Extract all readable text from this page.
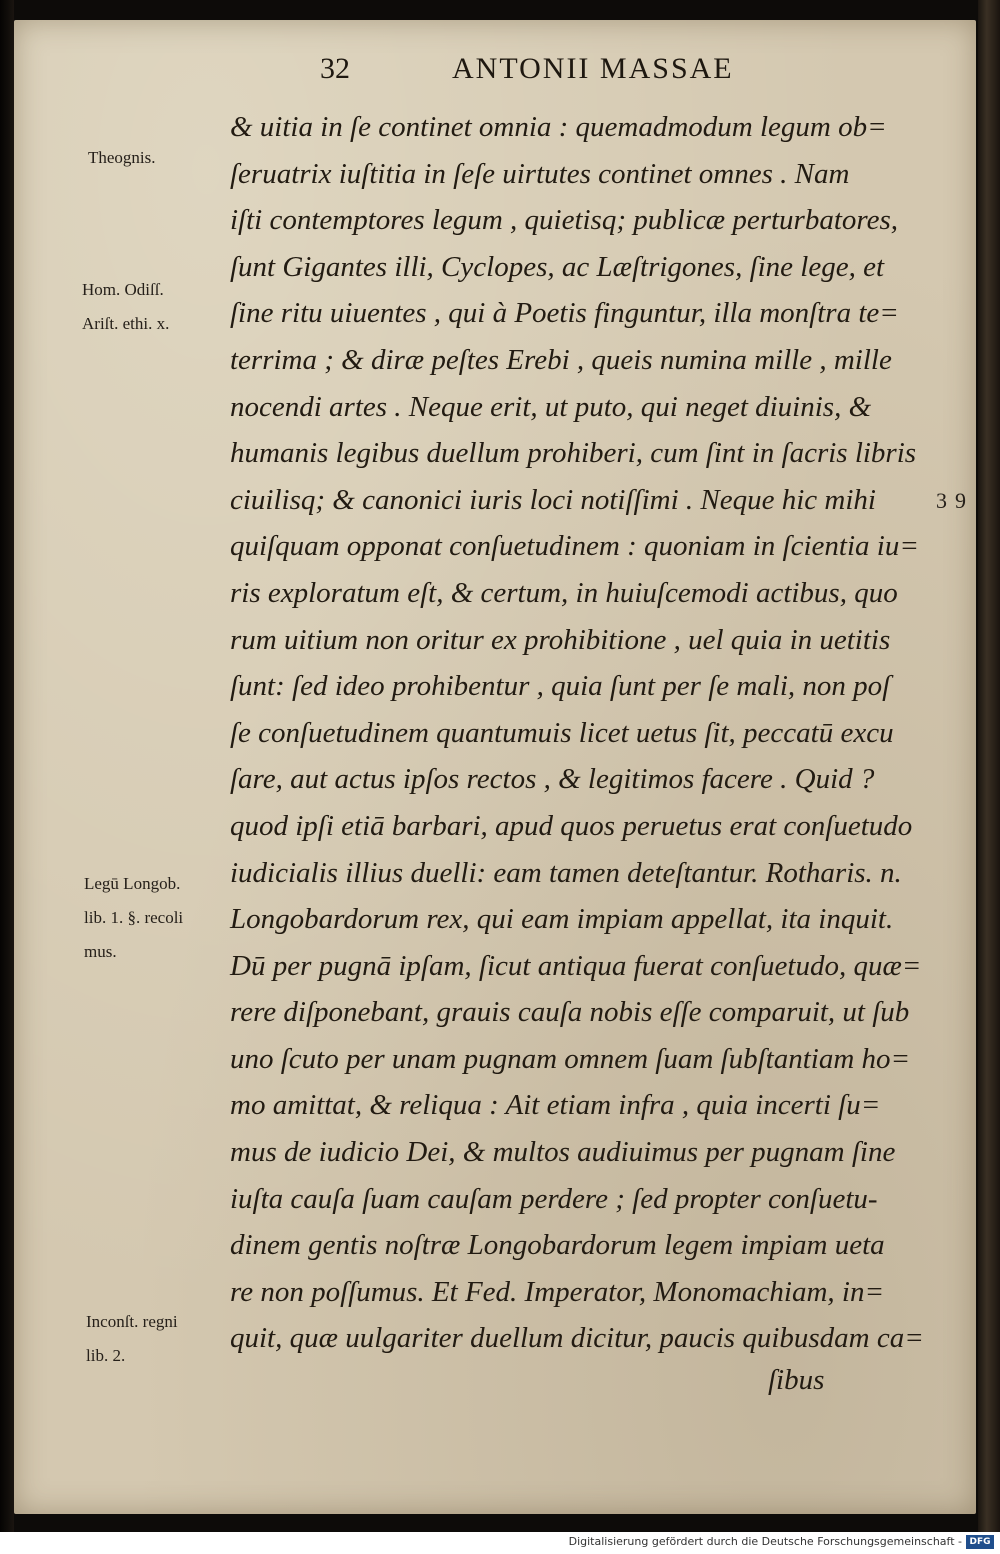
32	ANTONII MASSAE
& uitia in ſe continet omnia : quemadmodum legum ob=
ſeruatrix iuſtitia in ſeſe uirtutes continet omnes . Nam
iſti contemptores legum , quietisq; publicæ perturbatores,
ſunt Gigantes illi, Cyclopes, ac Læſtrigones, ſine lege, et
ſine ritu uiuentes , qui à Poetis finguntur, illa monſtra te=
terrima ; & diræ peſtes Erebi , queis numina mille , mille
nocendi artes . Neque erit, ut puto, qui neget diuinis, &
humanis legibus duellum prohiberi, cum ſint in ſacris libris
ciuilisq; & canonici iuris loci notiſſimi . Neque hic mihi
quiſquam opponat conſuetudinem : quoniam in ſcientia iu=
ris exploratum eſt, & certum, in huiuſcemodi actibus, quo
rum uitium non oritur ex prohibitione , uel quia in uetitis
ſunt: ſed ideo prohibentur , quia ſunt per ſe mali, non poſ
ſe conſuetudinem quantumuis licet uetus ſit, peccatū excu
ſare, aut actus ipſos rectos , & legitimos facere . Quid ?
quod ipſi etiā barbari, apud quos peruetus erat conſuetudo
iudicialis illius duelli: eam tamen deteſtantur. Rotharis. n.
Longobardorum rex, qui eam impiam appellat, ita inquit.
Dū per pugnā ipſam, ſicut antiqua fuerat conſuetudo, quæ=
rere diſponebant, grauis cauſa nobis eſſe comparuit, ut ſub
uno ſcuto per unam pugnam omnem ſuam ſubſtantiam ho=
mo amittat, & reliqua : Ait etiam infra , quia incerti ſu=
mus de iudicio Dei, & multos audiuimus per pugnam ſine
iuſta cauſa ſuam cauſam perdere ; ſed propter conſuetu-
dinem gentis noſtræ Longobardorum legem impiam ueta
re non poſſumus. Et Fed. Imperator, Monomachiam, in=
quit, quæ uulgariter duellum dicitur, paucis quibusdam ca=
ſibus
Theognis.
Hom. Odiſſ.
Ariſt. ethi. x.
Legū Longob.
lib. 1. §. recoli
mus.
Inconſt. regni
lib. 2.
39
Digitalisierung gefördert durch die Deutsche Forschungsgemeinschaft - DFG
